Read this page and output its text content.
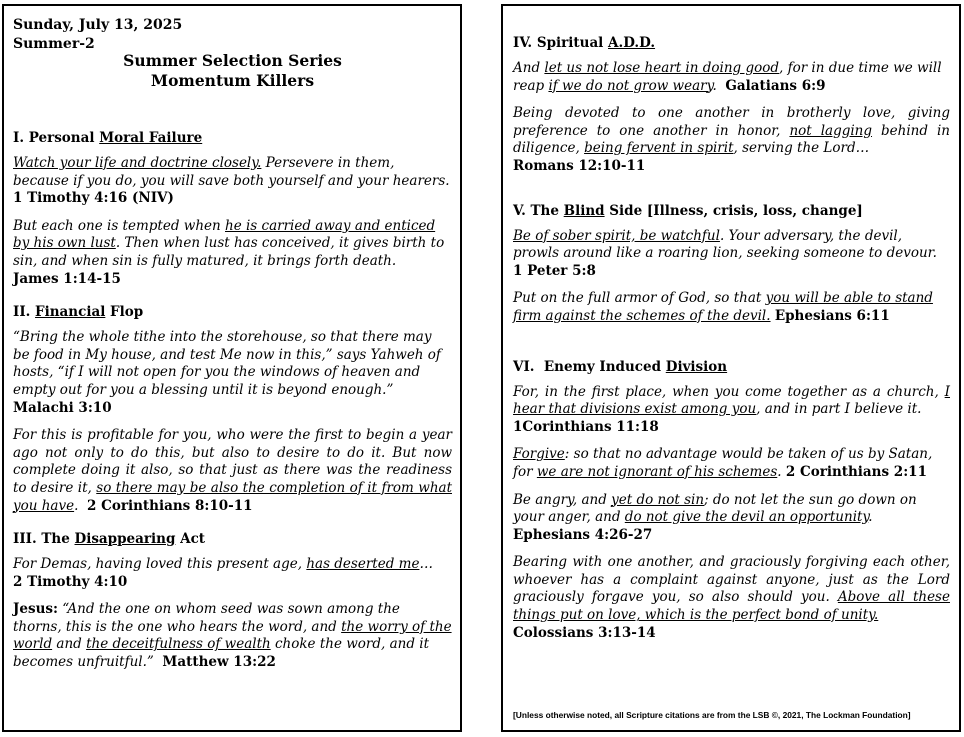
Sunday, July 13, 2025
Summer-2
Summer Selection Series
Momentum Killers
I. Personal Moral Failure

Watch your life and doctrine closely. Persevere in them, because if you do, you will save both yourself and your hearers.
1 Timothy 4:16 (NIV)

But each one is tempted when he is carried away and enticed by his own lust. Then when lust has conceived, it gives birth to sin, and when sin is fully matured, it brings forth death.
James 1:14-15

II. Financial Flop

“Bring the whole tithe into the storehouse, so that there may be food in My house, and test Me now in this,” says Yahweh of hosts, “if I will not open for you the windows of heaven and empty out for you a blessing until it is beyond enough.” Malachi 3:10

For this is profitable for you, who were the first to begin a year ago not only to do this, but also to desire to do it. But now complete doing it also, so that just as there was the readiness to desire it, so there may be also the completion of it from what you have. 2 Corinthians 8:10-11

III. The Disappearing Act

For Demas, having loved this present age, has deserted me…
2 Timothy 4:10

Jesus: “And the one on whom seed was sown among the thorns, this is the one who hears the word, and the worry of the world and the deceitfulness of wealth choke the word, and it becomes unfruitful.” Matthew 13:22

IV. Spiritual A.D.D.

And let us not lose heart in doing good, for in due time we will reap if we do not grow weary. Galatians 6:9

Being devoted to one another in brotherly love, giving preference to one another in honor, not lagging behind in diligence, being fervent in spirit, serving the Lord…
Romans 12:10-11

V. The Blind Side [Illness, crisis, loss, change]

Be of sober spirit, be watchful. Your adversary, the devil, prowls around like a roaring lion, seeking someone to devour.
1 Peter 5:8

Put on the full armor of God, so that you will be able to stand firm against the schemes of the devil. Ephesians 6:11

VI.  Enemy Induced Division

For, in the first place, when you come together as a church, I hear that divisions exist among you, and in part I believe it.
1Corinthians 11:18

Forgive: so that no advantage would be taken of us by Satan, for we are not ignorant of his schemes. 2 Corinthians 2:11

Be angry, and yet do not sin; do not let the sun go down on your anger, and do not give the devil an opportunity.
Ephesians 4:26-27

Bearing with one another, and graciously forgiving each other, whoever has a complaint against anyone, just as the Lord graciously forgave you, so also should you. Above all these things put on love, which is the perfect bond of unity.
Colossians 3:13-14

[Unless otherwise noted, all Scripture citations are from the LSB ©, 2021, The Lockman Foundation]
